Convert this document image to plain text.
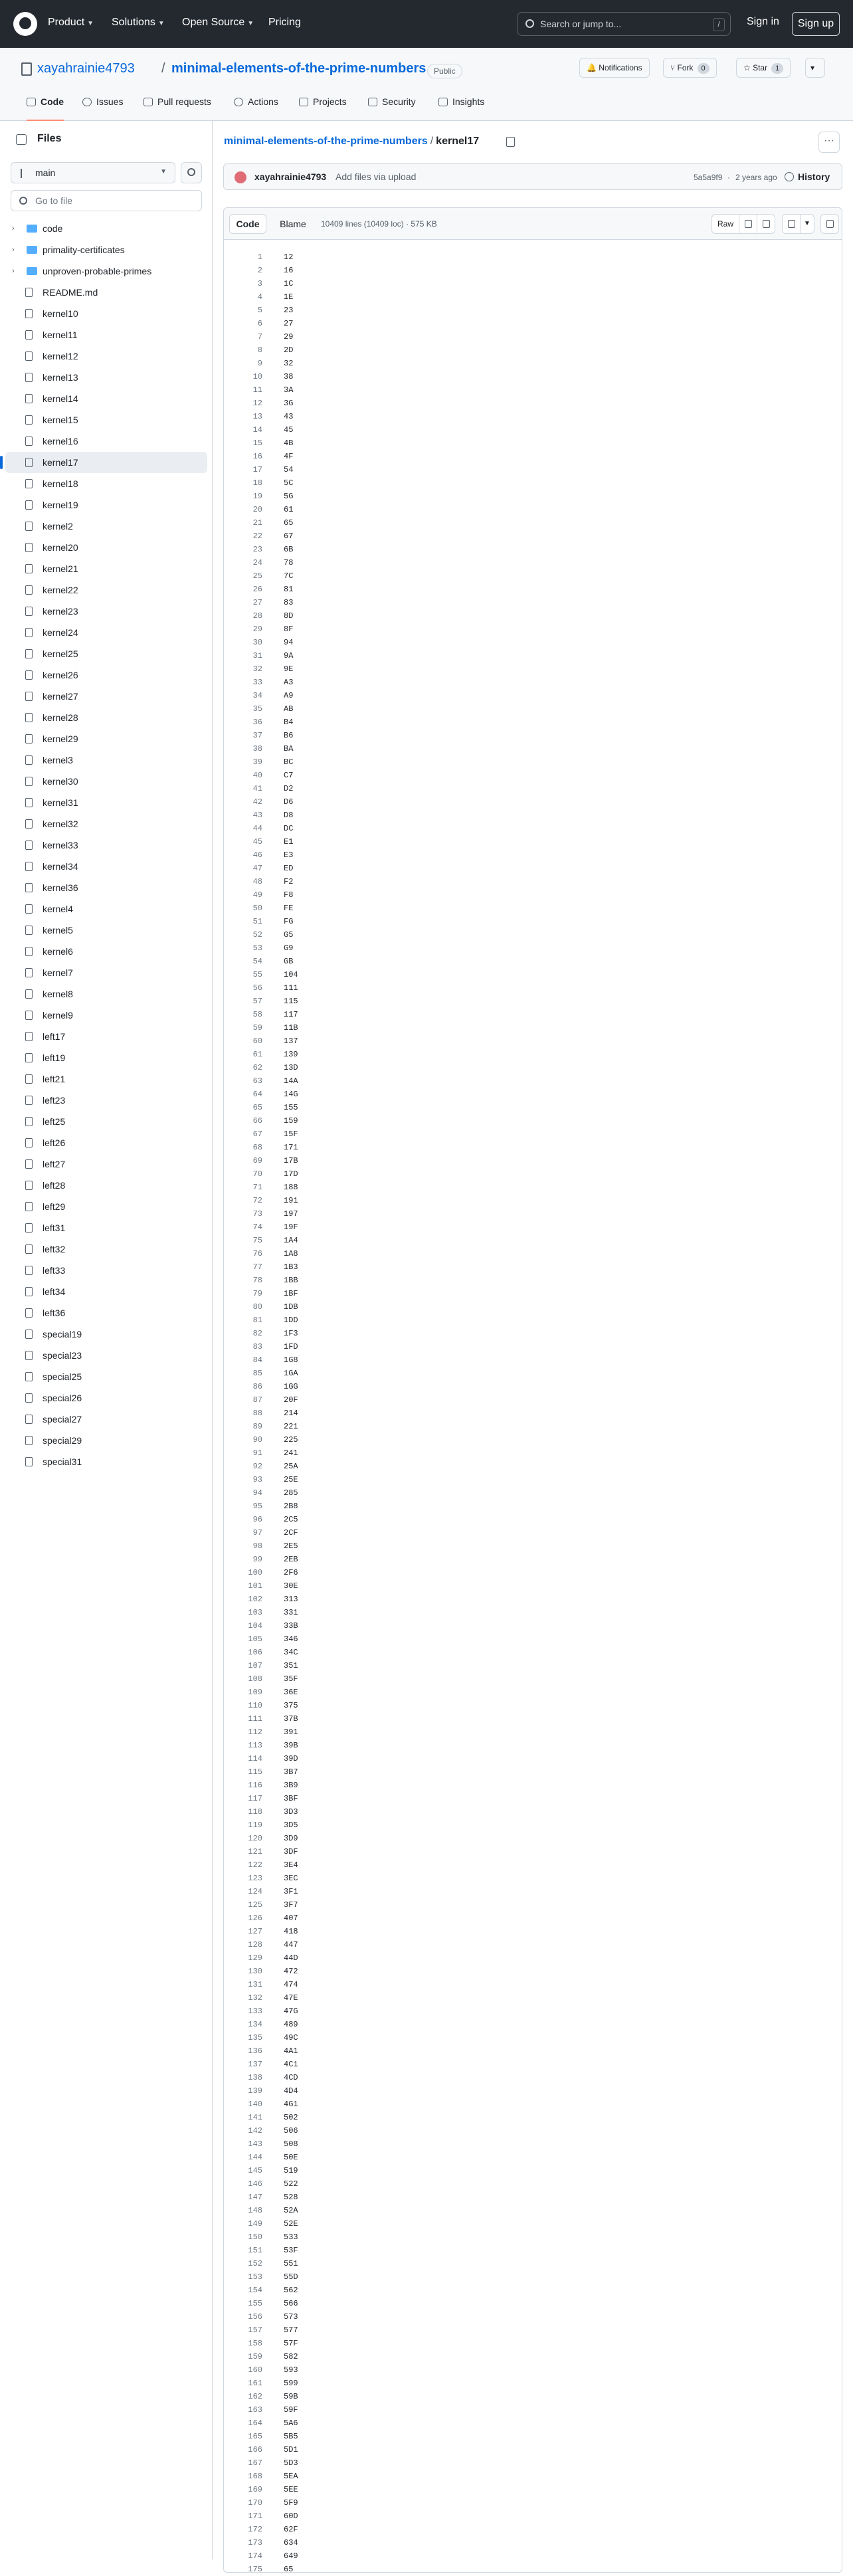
Product ▼ Solutions ▼ Open Source ▼ Pricing	Search or jump to...	/	Sign in	Sign up
xayahrainie4793 / minimal-elements-of-the-prime-numbers Public	🔔 Notifications	⑂ Fork 0	☆ Star 1	▾
Code	Issues	Pull requests	Actions	Projects	Security	Insights
Files
main	▼
Go to file
›	code
›	primality-certificates
›	unproven-probable-primes
README.md
kernel10
kernel11
kernel12
kernel13
kernel14
kernel15
kernel16
kernel17
kernel18
kernel19
kernel2
kernel20
kernel21
kernel22
kernel23
kernel24
kernel25
kernel26
kernel27
kernel28
kernel29
kernel3
kernel30
kernel31
kernel32
kernel33
kernel34
kernel36
kernel4
kernel5
kernel6
kernel7
kernel8
kernel9
left17
left19
left21
left23
left25
left26
left27
left28
left29
left31
left32
left33
left34
left36
special19
special23
special25
special26
special27
special29
special31
minimal-elements-of-the-prime-numbers / kernel17	···
xayahrainie4793 Add files via upload	5a5a9f9 · 2 years ago History
Code	Blame	10409 lines (10409 loc) · 575 KB	Raw	▼
1	12
2	16
3	1C
4	1E
5	23
6	27
7	29
8	2D
9	32
10	38
11	3A
12	3G
13	43
14	45
15	4B
16	4F
17	54
18	5C
19	5G
20	61
21	65
22	67
23	6B
24	78
25	7C
26	81
27	83
28	8D
29	8F
30	94
31	9A
32	9E
33	A3
34	A9
35	AB
36	B4
37	B6
38	BA
39	BC
40	C7
41	D2
42	D6
43	D8
44	DC
45	E1
46	E3
47	ED
48	F2
49	F8
50	FE
51	FG
52	G5
53	G9
54	GB
55	104
56	111
57	115
58	117
59	11B
60	137
61	139
62	13D
63	14A
64	14G
65	155
66	159
67	15F
68	171
69	17B
70	17D
71	188
72	191
73	197
74	19F
75	1A4
76	1A8
77	1B3
78	1BB
79	1BF
80	1DB
81	1DD
82	1F3
83	1FD
84	1G8
85	1GA
86	1GG
87	20F
88	214
89	221
90	225
91	241
92	25A
93	25E
94	285
95	2B8
96	2C5
97	2CF
98	2E5
99	2EB
100	2F6
101	30E
102	313
103	331
104	33B
105	346
106	34C
107	351
108	35F
109	36E
110	375
111	37B
112	391
113	39B
114	39D
115	3B7
116	3B9
117	3BF
118	3D3
119	3D5
120	3D9
121	3DF
122	3E4
123	3EC
124	3F1
125	3F7
126	407
127	418
128	447
129	44D
130	472
131	474
132	47E
133	47G
134	489
135	49C
136	4A1
137	4C1
138	4CD
139	4D4
140	4G1
141	502
142	506
143	508
144	50E
145	519
146	522
147	528
148	52A
149	52E
150	533
151	53F
152	551
153	55D
154	562
155	566
156	573
157	577
158	57F
159	582
160	593
161	599
162	59B
163	59F
164	5A6
165	5B5
166	5D1
167	5D3
168	5EA
169	5EE
170	5F9
171	60D
172	62F
173	634
174	649
175	65
